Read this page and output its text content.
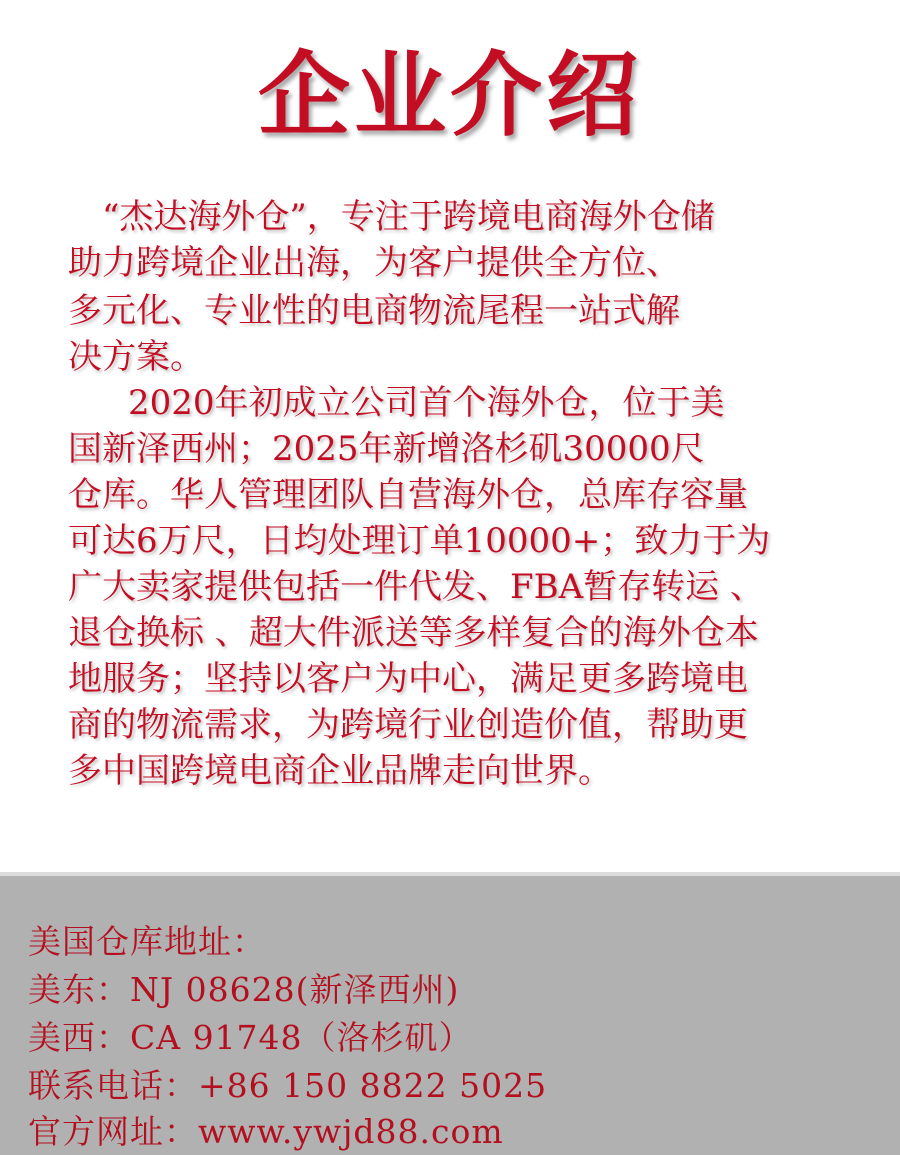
企业介绍
“杰达海外仓”，专注于跨境电商海外仓储
助力跨境企业出海，为客户提供全方位、
多元化、专业性的电商物流尾程一站式解
决方案。
2020年初成立公司首个海外仓，位于美
国新泽西州；2025年新增洛杉矶30000尺
仓库。华人管理团队自营海外仓，总库存容量
可达6万尺，日均处理订单10000+；致力于为
广大卖家提供包括一件代发、FBA暂存转运 、
退仓换标 、超大件派送等多样复合的海外仓本
地服务；坚持以客户为中心，满足更多跨境电
商的物流需求，为跨境行业创造价值，帮助更
多中国跨境电商企业品牌走向世界。
美国仓库地址：
美东：NJ 08628(新泽西州)
美西：CA 91748（洛杉矶）
联系电话：+86 150 8822 5025
官方网址：www.ywjd88.com
